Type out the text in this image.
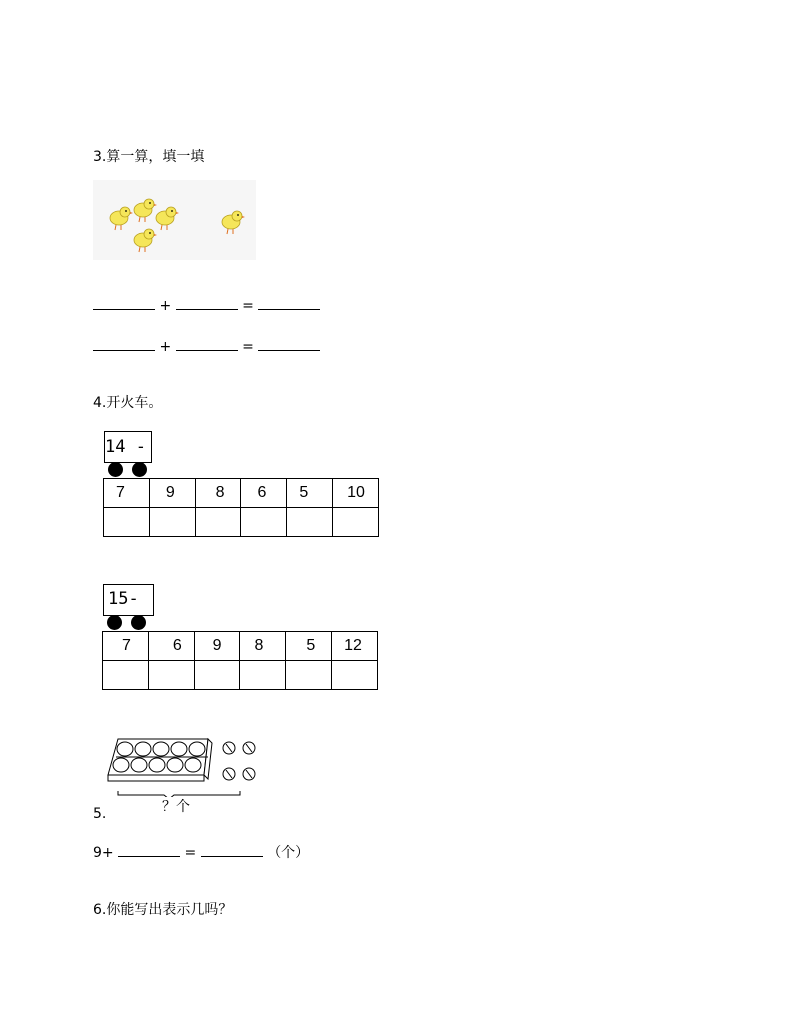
3.算一算，填一填
+	=
+	=
4.开火车。
14 -
7	9	8	6	5	10

15-
7	6	9	8	5	12

？个
5.
9+	=	（个）
6.你能写出表示几吗？
